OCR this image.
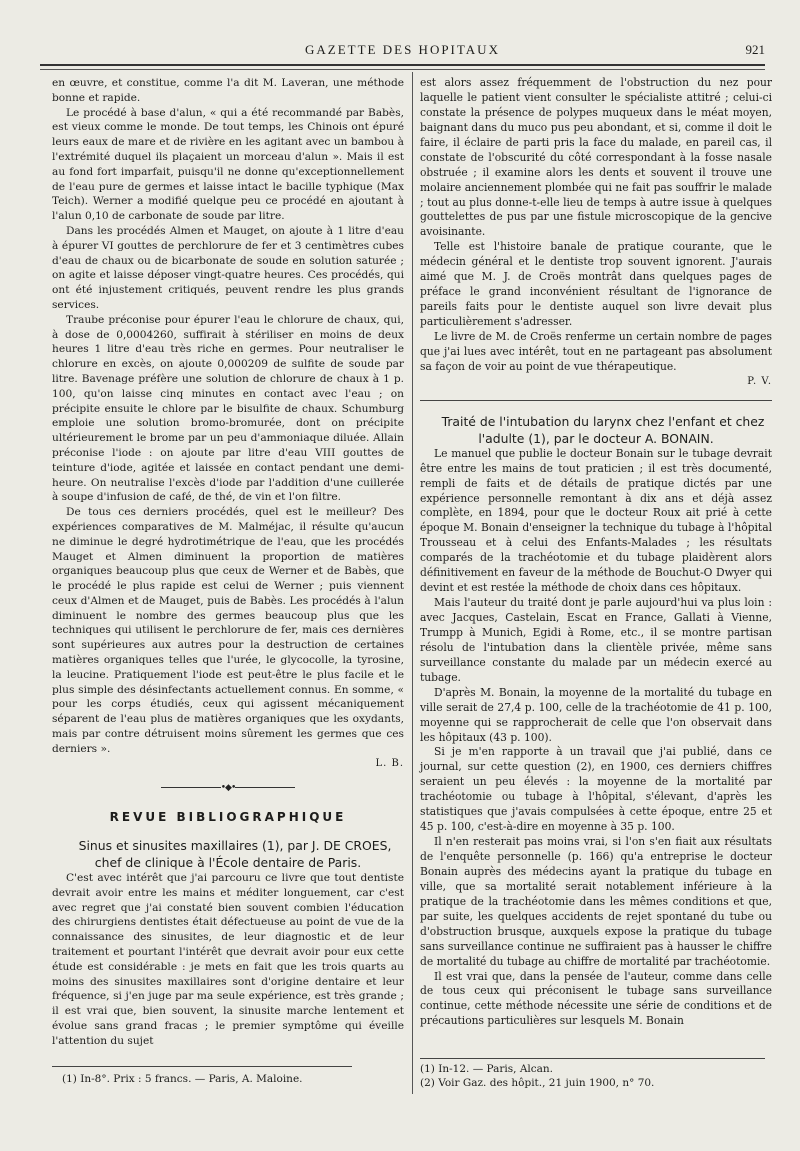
GAZETTE DES HOPITAUX	921

en œuvre, et constitue, comme l'a dit M. Laveran, une méthode bonne et rapide.

Le procédé à base d'alun, « qui a été recommandé par Babès, est vieux comme le monde. De tout temps, les Chinois ont épuré leurs eaux de mare et de rivière en les agitant avec un bambou à l'extrémité duquel ils plaçaient un morceau d'alun ». Mais il est au fond fort imparfait, puisqu'il ne donne qu'exceptionnellement de l'eau pure de germes et laisse intact le bacille typhique (Max Teich). Werner a modifié quelque peu ce procédé en ajoutant à l'alun 0,10 de carbonate de soude par litre.

Dans les procédés Almen et Mauget, on ajoute à 1 litre d'eau à épurer VI gouttes de perchlorure de fer et 3 centimètres cubes d'eau de chaux ou de bicarbonate de soude en solution saturée ; on agite et laisse déposer vingt-quatre heures. Ces procédés, qui ont été injustement critiqués, peuvent rendre les plus grands services.

Traube préconise pour épurer l'eau le chlorure de chaux, qui, à dose de 0,0004260, suffirait à stériliser en moins de deux heures 1 litre d'eau très riche en germes. Pour neutraliser le chlorure en excès, on ajoute 0,000209 de sulfite de soude par litre. Bavenage préfère une solution de chlorure de chaux à 1 p. 100, qu'on laisse cinq minutes en contact avec l'eau ; on précipite ensuite le chlore par le bisulfite de chaux. Schumburg emploie une solution bromo-bromurée, dont on précipite ultérieurement le brome par un peu d'ammoniaque diluée. Allain préconise l'iode : on ajoute par litre d'eau VIII gouttes de teinture d'iode, agitée et laissée en contact pendant une demi-heure. On neutralise l'excès d'iode par l'addition d'une cuillerée à soupe d'infusion de café, de thé, de vin et l'on filtre.

De tous ces derniers procédés, quel est le meilleur? Des expériences comparatives de M. Malméjac, il résulte qu'aucun ne diminue le degré hydrotimétrique de l'eau, que les procédés Mauget et Almen diminuent la proportion de matières organiques beaucoup plus que ceux de Werner et de Babès, que le procédé le plus rapide est celui de Werner ; puis viennent ceux d'Almen et de Mauget, puis de Babès. Les procédés à l'alun diminuent le nombre des germes beaucoup plus que les techniques qui utilisent le perchlorure de fer, mais ces dernières sont supérieures aux autres pour la destruction de certaines matières organiques telles que l'urée, le glycocolle, la tyrosine, la leucine. Pratiquement l'iode est peut-être le plus facile et le plus simple des désinfectants actuellement connus. En somme, « pour les corps étudiés, ceux qui agissent mécaniquement séparent de l'eau plus de matières organiques que les oxydants, mais par contre détruisent moins sûrement les germes que ces derniers ».

L. B.

•◆•
REVUE BIBLIOGRAPHIQUE

Sinus et sinusites maxillaires (1), par J. DE CROES, chef de clinique à l'École dentaire de Paris.

C'est avec intérêt que j'ai parcouru ce livre que tout dentiste devrait avoir entre les mains et méditer longuement, car c'est avec regret que j'ai constaté bien souvent combien l'éducation des chirurgiens dentistes était défectueuse au point de vue de la connaissance des sinusites, de leur diagnostic et de leur traitement et pourtant l'intérêt que devrait avoir pour eux cette étude est considérable : je mets en fait que les trois quarts au moins des sinusites maxillaires sont d'origine dentaire et leur fréquence, si j'en juge par ma seule expérience, est très grande ; il est vrai que, bien souvent, la sinusite marche lentement et évolue sans grand fracas ; le premier symptôme qui éveille l'attention du sujet

(1) In-8°. Prix : 5 francs. — Paris, A. Maloine.

est alors assez fréquemment de l'obstruction du nez pour laquelle le patient vient consulter le spécialiste attitré ; celui-ci constate la présence de polypes muqueux dans le méat moyen, baignant dans du muco pus peu abondant, et si, comme il doit le faire, il éclaire de parti pris la face du malade, en pareil cas, il constate de l'obscurité du côté correspondant à la fosse nasale obstruée ; il examine alors les dents et souvent il trouve une molaire anciennement plombée qui ne fait pas souffrir le malade ; tout au plus donne-t-elle lieu de temps à autre issue à quelques gouttelettes de pus par une fistule microscopique de la gencive avoisinante.

Telle est l'histoire banale de pratique courante, que le médecin général et le dentiste trop souvent ignorent. J'aurais aimé que M. J. de Croës montrât dans quelques pages de préface le grand inconvénient résultant de l'ignorance de pareils faits pour le dentiste auquel son livre devait plus particulièrement s'adresser.

Le livre de M. de Croës renferme un certain nombre de pages que j'ai lues avec intérêt, tout en ne partageant pas absolument sa façon de voir au point de vue thérapeutique.

P. V.

Traité de l'intubation du larynx chez l'enfant et chez l'adulte (1), par le docteur A. BONAIN.

Le manuel que publie le docteur Bonain sur le tubage devrait être entre les mains de tout praticien ; il est très documenté, rempli de faits et de détails de pratique dictés par une expérience personnelle remontant à dix ans et déjà assez complète, en 1894, pour que le docteur Roux ait prié à cette époque M. Bonain d'enseigner la technique du tubage à l'hôpital Trousseau et à celui des Enfants-Malades ; les résultats comparés de la trachéotomie et du tubage plaidèrent alors définitivement en faveur de la méthode de Bouchut-O Dwyer qui devint et est restée la méthode de choix dans ces hôpitaux.

Mais l'auteur du traité dont je parle aujourd'hui va plus loin : avec Jacques, Castelain, Escat en France, Gallati à Vienne, Trumpp à Munich, Egidi à Rome, etc., il se montre partisan résolu de l'intubation dans la clientèle privée, même sans surveillance constante du malade par un médecin exercé au tubage.

D'après M. Bonain, la moyenne de la mortalité du tubage en ville serait de 27,4 p. 100, celle de la trachéotomie de 41 p. 100, moyenne qui se rapprocherait de celle que l'on observait dans les hôpitaux (43 p. 100).

Si je m'en rapporte à un travail que j'ai publié, dans ce journal, sur cette question (2), en 1900, ces derniers chiffres seraient un peu élevés : la moyenne de la mortalité par trachéotomie ou tubage à l'hôpital, s'élevant, d'après les statistiques que j'avais compulsées à cette époque, entre 25 et 45 p. 100, c'est-à-dire en moyenne à 35 p. 100.

Il n'en resterait pas moins vrai, si l'on s'en fiait aux résultats de l'enquête personnelle (p. 166) qu'a entreprise le docteur Bonain auprès des médecins ayant la pratique du tubage en ville, que sa mortalité serait notablement inférieure à la pratique de la trachéotomie dans les mêmes conditions et que, par suite, les quelques accidents de rejet spontané du tube ou d'obstruction brusque, auxquels expose la pratique du tubage sans surveillance continue ne suffiraient pas à hausser le chiffre de mortalité du tubage au chiffre de mortalité par trachéotomie.

Il est vrai que, dans la pensée de l'auteur, comme dans celle de tous ceux qui préconisent le tubage sans surveillance continue, cette méthode nécessite une série de conditions et de précautions particulières sur lesquels M. Bonain

(1) In-12. — Paris, Alcan.

(2) Voir Gaz. des hôpit., 21 juin 1900, n° 70.
